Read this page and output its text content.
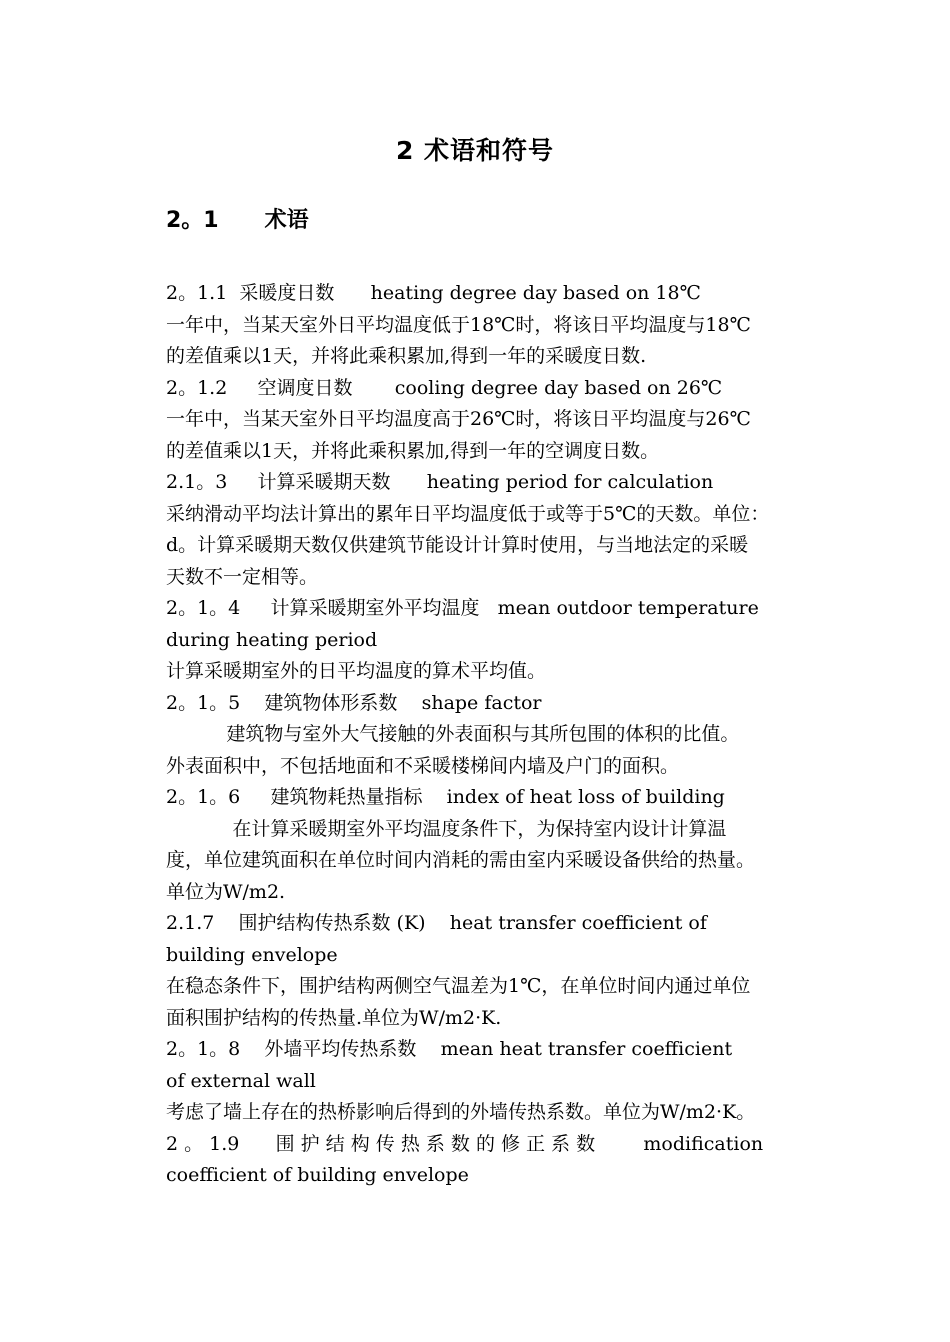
2 术语和符号
2。1      术语
2。1.1  采暖度日数      heating degree day based on 18℃
一年中，当某天室外日平均温度低于18℃时，将该日平均温度与18℃
的差值乘以1天，并将此乘积累加,得到一年的采暖度日数.
2。1.2     空调度日数       cooling degree day based on 26℃
一年中，当某天室外日平均温度高于26℃时，将该日平均温度与26℃
的差值乘以1天，并将此乘积累加,得到一年的空调度日数。
2.1。3     计算采暖期天数      heating period for calculation
采纳滑动平均法计算出的累年日平均温度低于或等于5℃的天数。单位：
d。计算采暖期天数仅供建筑节能设计计算时使用，与当地法定的采暖
天数不一定相等。
2。1。4     计算采暖期室外平均温度   mean outdoor temperature
during heating period
计算采暖期室外的日平均温度的算术平均值。
2。1。5    建筑物体形系数    shape factor
建筑物与室外大气接触的外表面积与其所包围的体积的比值。
外表面积中，不包括地面和不采暖楼梯间内墙及户门的面积。
2。1。6     建筑物耗热量指标    index of heat loss of building
在计算采暖期室外平均温度条件下，为保持室内设计计算温
度，单位建筑面积在单位时间内消耗的需由室内采暖设备供给的热量。
单位为W/m2.
2.1.7    围护结构传热系数 (K)    heat transfer coefficient of
building envelope
在稳态条件下，围护结构两侧空气温差为1℃，在单位时间内通过单位
面积围护结构的传热量.单位为W/m2·K.
2。1。8    外墙平均传热系数    mean heat transfer coefficient
of external wall
考虑了墙上存在的热桥影响后得到的外墙传热系数。单位为W/m2·K。
2 。 1.9      围 护 结 构 传 热 系 数 的 修 正 系 数        modification
coefficient of building envelope
